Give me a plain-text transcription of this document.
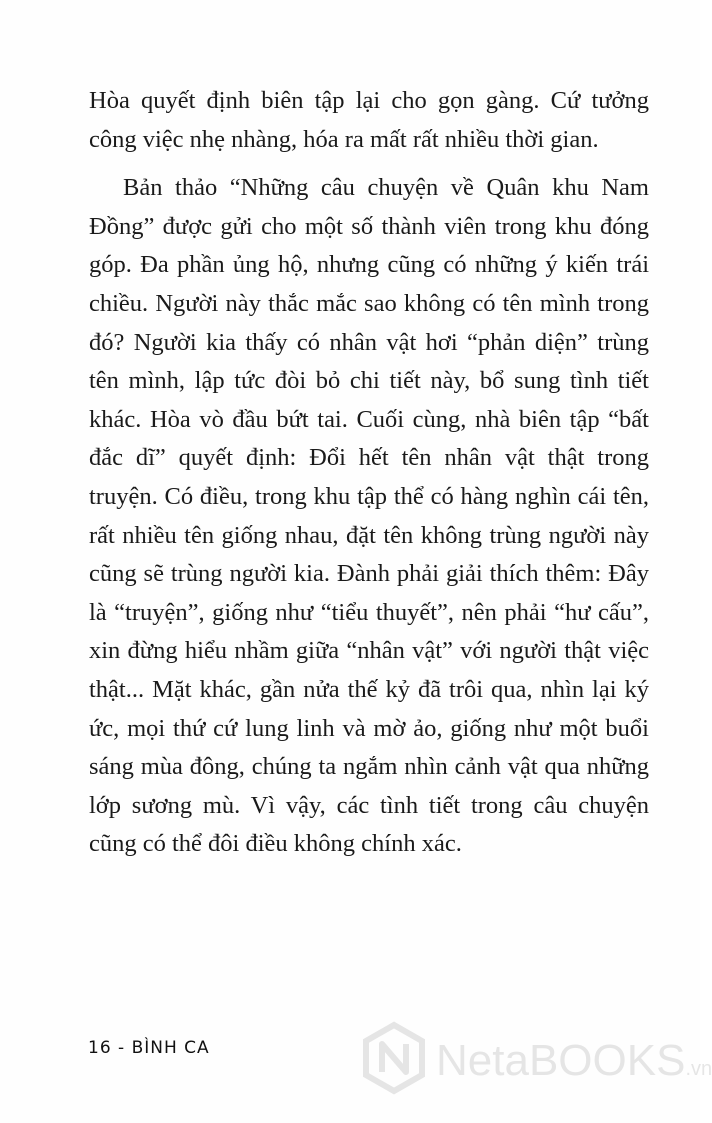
Hòa quyết định biên tập lại cho gọn gàng. Cứ tưởng công việc nhẹ nhàng, hóa ra mất rất nhiều thời gian.

Bản thảo “Những câu chuyện về Quân khu Nam Đồng” được gửi cho một số thành viên trong khu đóng góp. Đa phần ủng hộ, nhưng cũng có những ý kiến trái chiều. Người này thắc mắc sao không có tên mình trong đó? Người kia thấy có nhân vật hơi “phản diện” trùng tên mình, lập tức đòi bỏ chi tiết này, bổ sung tình tiết khác. Hòa vò đầu bứt tai. Cuối cùng, nhà biên tập “bất đắc dĩ” quyết định: Đổi hết tên nhân vật thật trong truyện. Có điều, trong khu tập thể có hàng nghìn cái tên, rất nhiều tên giống nhau, đặt tên không trùng người này cũng sẽ trùng người kia. Đành phải giải thích thêm: Đây là “truyện”, giống như “tiểu thuyết”, nên phải “hư cấu”, xin đừng hiểu nhầm giữa “nhân vật” với người thật việc thật... Mặt khác, gần nửa thế kỷ đã trôi qua, nhìn lại ký ức, mọi thứ cứ lung linh và mờ ảo, giống như một buổi sáng mùa đông, chúng ta ngắm nhìn cảnh vật qua những lớp sương mù. Vì vậy, các tình tiết trong câu chuyện cũng có thể đôi điều không chính xác.

16 - BÌNH CA	NetaBOOKS.vn
